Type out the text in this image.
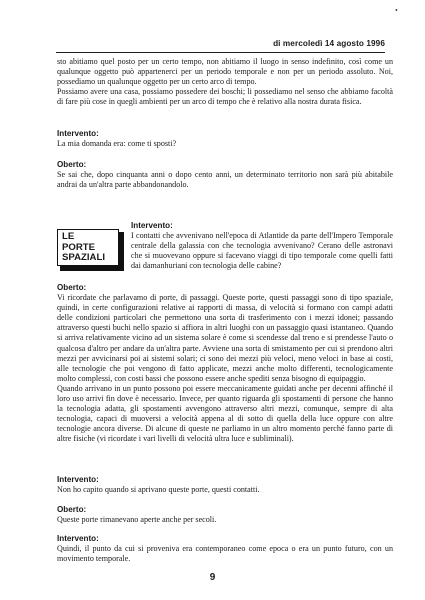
•
di mercoledì 14 agosto 1996

sto abitiamo quel posto per un certo tempo, non abitiamo il luogo in senso indefinito, così come un qualunque oggetto può appartenerci per un periodo temporale e non per un periodo assoluto. Noi, possediamo un qualunque oggetto per un certo arco di tempo.

Possiamo avere una casa, possiamo possedere dei boschi; li possediamo nel senso che abbiamo facoltà di fare più cose in quegli ambienti per un arco di tempo che è relativo alla nostra durata fisica.

Intervento:

La mia domanda era: come ti sposti?

Oberto:

Se sai che, dopo cinquanta anni o dopo cento anni, un determinato territorio non sarà più abitabile andrai da un'altra parte abbandonandolo.

LE
PORTE
SPAZIALI

Intervento:

I contatti che avvenivano nell'epoca di Atlantide da parte dell'Impero Temporale centrale della galassia con che tecnologia avvenivano? Cerano delle astronavi che si muovevano oppure si facevano viaggi di tipo temporale come quelli fatti dai damanhuriani con tecnologia delle cabine?

Oberto:

Vi ricordate che parlavamo di porte, di passaggi. Queste porte, questi passaggi sono di tipo spaziale, quindi, in certe configurazioni relative ai rapporti di massa, di velocità si formano con campi adatti delle condizioni particolari che permettono una sorta di trasferimento con i mezzi idonei; passando attraverso questi buchi nello spazio si affiora in altri luoghi con un passaggio quasi istantaneo. Quando si arriva relativamente vicino ad un sistema solare è come si scendesse dal treno e si prendesse l'auto o qualcosa d'altro per andare da un'altra parte. Avviene una sorta di smistamento per cui si prendono altri mezzi per avvicinarsi poi ai sistemi solari; ci sono dei mezzi più veloci, meno veloci in base ai costi, alle tecnologie che poi vengono di fatto applicate, mezzi anche molto differenti, tecnologicamente molto complessi, con costi bassi che possono essere anche spediti senza bisogno di equipaggio.

Quando arrivano in un punto possono poi essere meccanicamente guidati anche per decenni affinché il loro uso arrivi fin dove è necessario. Invece, per quanto riguarda gli spostamenti di persone che hanno la tecnologia adatta, gli spostamenti avvengono attraverso altri mezzi, comunque, sempre di alta tecnologia, capaci di muoversi a velocità appena al di sotto di quella della luce oppure con altre tecnologie ancora diverse. Di alcune di queste ne parliamo in un altro momento perché fanno parte di altre fisiche (vi ricordate i vari livelli di velocità ultra luce e subliminali).

Intervento:

Non ho capito quando si aprivano queste porte, questi contatti.

Oberto:

Queste porte rimanevano aperte anche per secoli.

Intervento:

Quindi, il punto da cui si proveniva era contemporaneo come epoca o era un punto futuro, con un movimento temporale.

9
